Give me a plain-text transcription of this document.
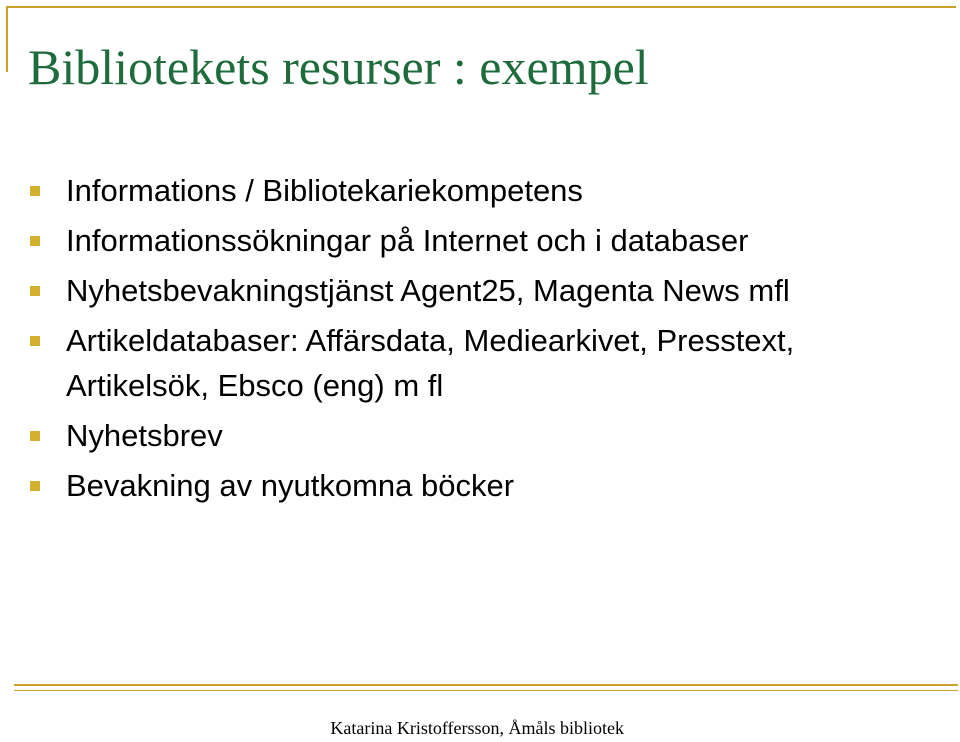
Bibliotekets resurser : exempel
Informations / Bibliotekariekompetens
Informationssökningar på Internet och i databaser
Nyhetsbevakningstjänst Agent25, Magenta News mfl
Artikeldatabaser: Affärsdata, Mediearkivet, Presstext, Artikelsök, Ebsco (eng) m fl
Nyhetsbrev
Bevakning av nyutkomna böcker
Katarina Kristoffersson, Åmåls bibliotek
